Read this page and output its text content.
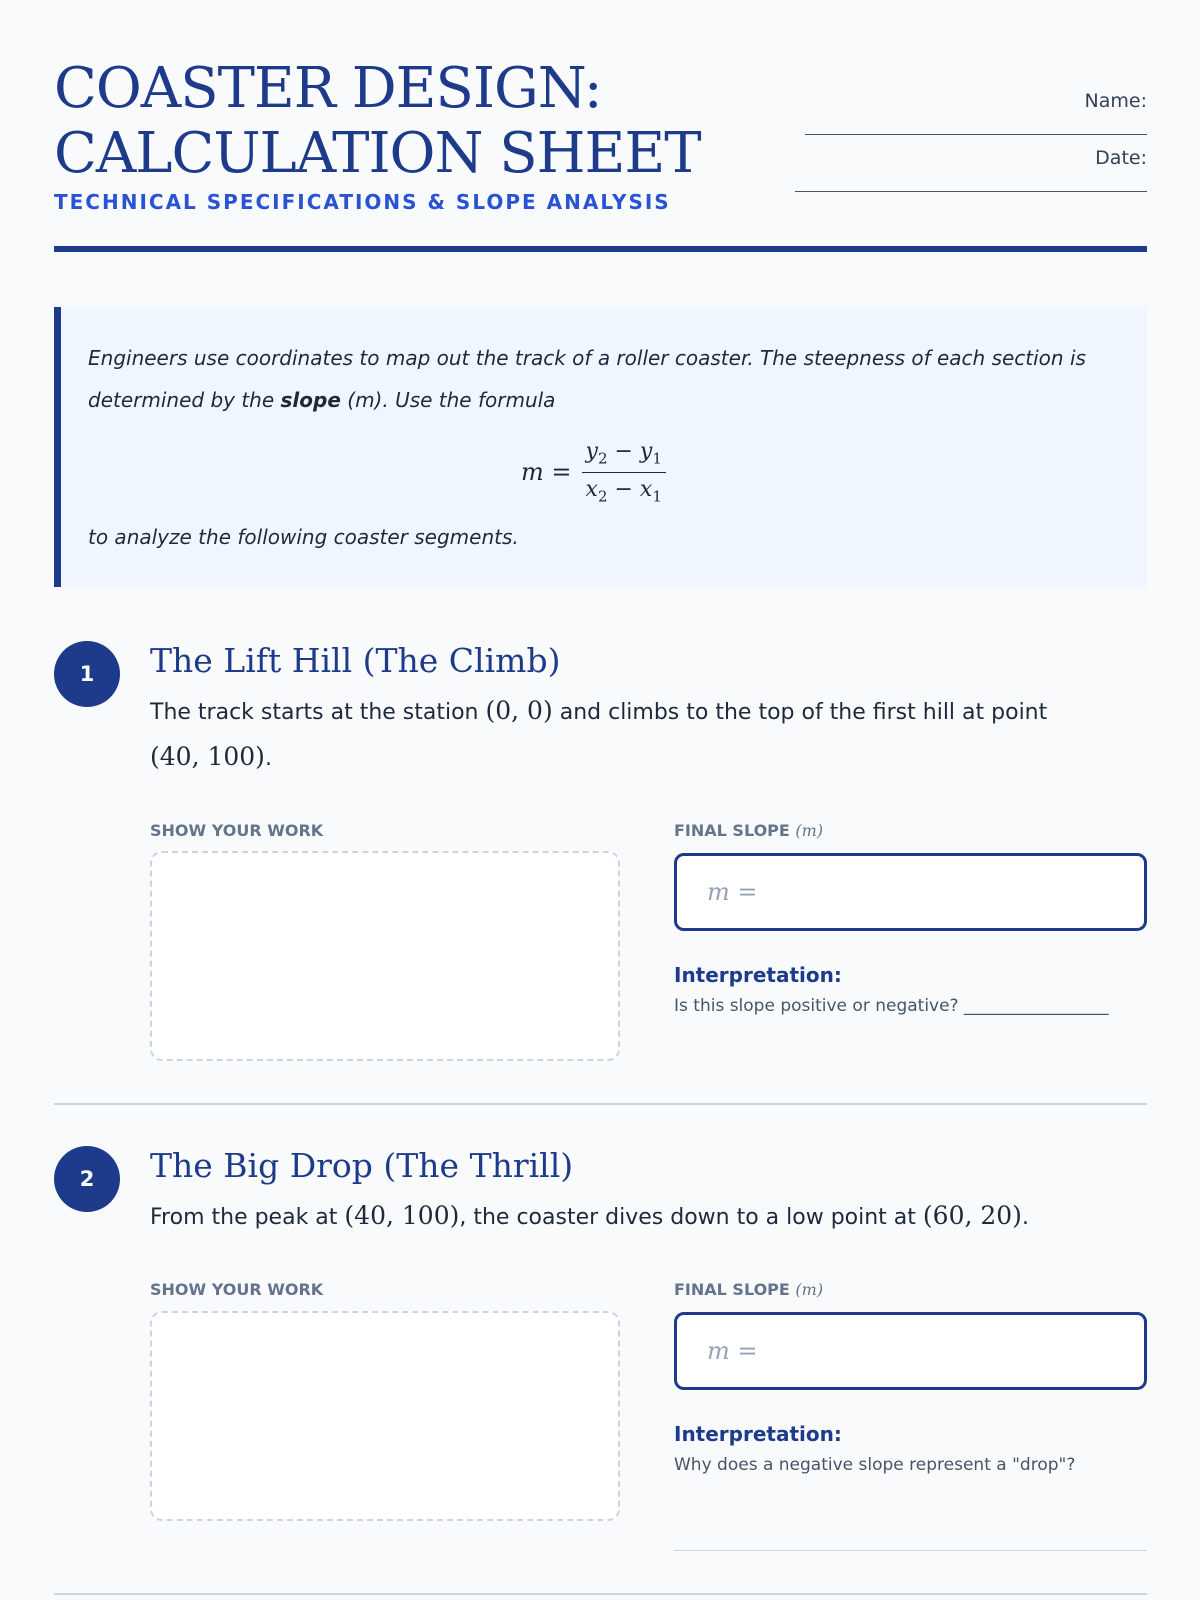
COASTER DESIGN:
CALCULATION SHEET
TECHNICAL SPECIFICATIONS & SLOPE ANALYSIS
Name:
Date:
Engineers use coordinates to map out the track of a roller coaster. The steepness of each section is determined by the slope (m). Use the formula
$m = \frac{y_2 - y_1}{x_2 - x_1}$
to analyze the following coaster segments.
1	The Lift Hill (The Climb)
The track starts at the station (0, 0) and climbs to the top of the first hill at point (40, 100).
SHOW YOUR WORK	FINAL SLOPE (m)
m =
Interpretation:
Is this slope positive or negative? _________________
2	The Big Drop (The Thrill)
From the peak at (40, 100), the coaster dives down to a low point at (60, 20).
SHOW YOUR WORK	FINAL SLOPE (m)
m =
Interpretation:
Why does a negative slope represent a "drop"?
